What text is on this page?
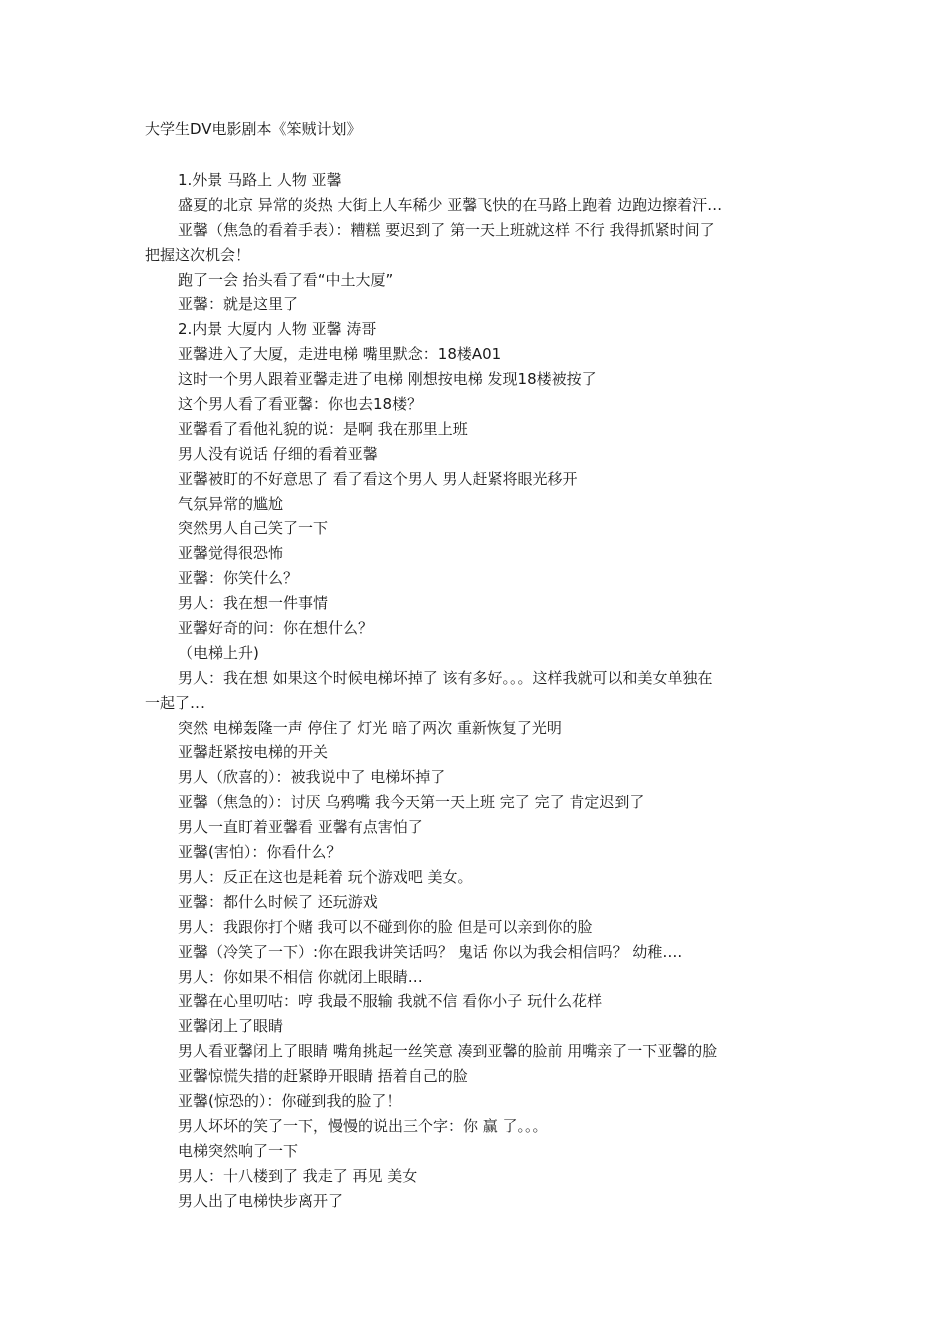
大学生DV电影剧本《笨贼计划》
1.外景 马路上 人物 亚馨
盛夏的北京 异常的炎热 大街上人车稀少 亚馨飞快的在马路上跑着 边跑边擦着汗…
亚馨（焦急的看着手表）：糟糕 要迟到了 第一天上班就这样 不行 我得抓紧时间了
把握这次机会！
跑了一会 抬头看了看“中土大厦”
亚馨：就是这里了
2.内景 大厦内 人物 亚馨 涛哥
亚馨进入了大厦，走进电梯 嘴里默念：18楼A01
这时一个男人跟着亚馨走进了电梯 刚想按电梯 发现18楼被按了
这个男人看了看亚馨：你也去18楼？
亚馨看了看他礼貌的说：是啊 我在那里上班
男人没有说话 仔细的看着亚馨
亚馨被盯的不好意思了 看了看这个男人 男人赶紧将眼光移开
气氛异常的尴尬
突然男人自己笑了一下
亚馨觉得很恐怖
亚馨：你笑什么？
男人：我在想一件事情
亚馨好奇的问：你在想什么？
（电梯上升)
男人：我在想 如果这个时候电梯坏掉了 该有多好。。。这样我就可以和美女单独在
一起了…
突然 电梯轰隆一声 停住了 灯光 暗了两次 重新恢复了光明
亚馨赶紧按电梯的开关
男人（欣喜的）：被我说中了 电梯坏掉了
亚馨（焦急的）：讨厌 乌鸦嘴 我今天第一天上班 完了 完了 肯定迟到了
男人一直盯着亚馨看 亚馨有点害怕了
亚馨(害怕）：你看什么？
男人：反正在这也是耗着 玩个游戏吧 美女。
亚馨：都什么时候了 还玩游戏
男人：我跟你打个赌 我可以不碰到你的脸 但是可以亲到你的脸
亚馨（冷笑了一下）:你在跟我讲笑话吗？ 鬼话 你以为我会相信吗？ 幼稚….
男人：你如果不相信 你就闭上眼睛…
亚馨在心里叨咕：哼 我最不服输 我就不信 看你小子 玩什么花样
亚馨闭上了眼睛
男人看亚馨闭上了眼睛 嘴角挑起一丝笑意 凑到亚馨的脸前 用嘴亲了一下亚馨的脸
亚馨惊慌失措的赶紧睁开眼睛 捂着自己的脸
亚馨(惊恐的）：你碰到我的脸了！
男人坏坏的笑了一下，慢慢的说出三个字：你 赢 了。。。
电梯突然响了一下
男人：十八楼到了 我走了 再见 美女
男人出了电梯快步离开了
